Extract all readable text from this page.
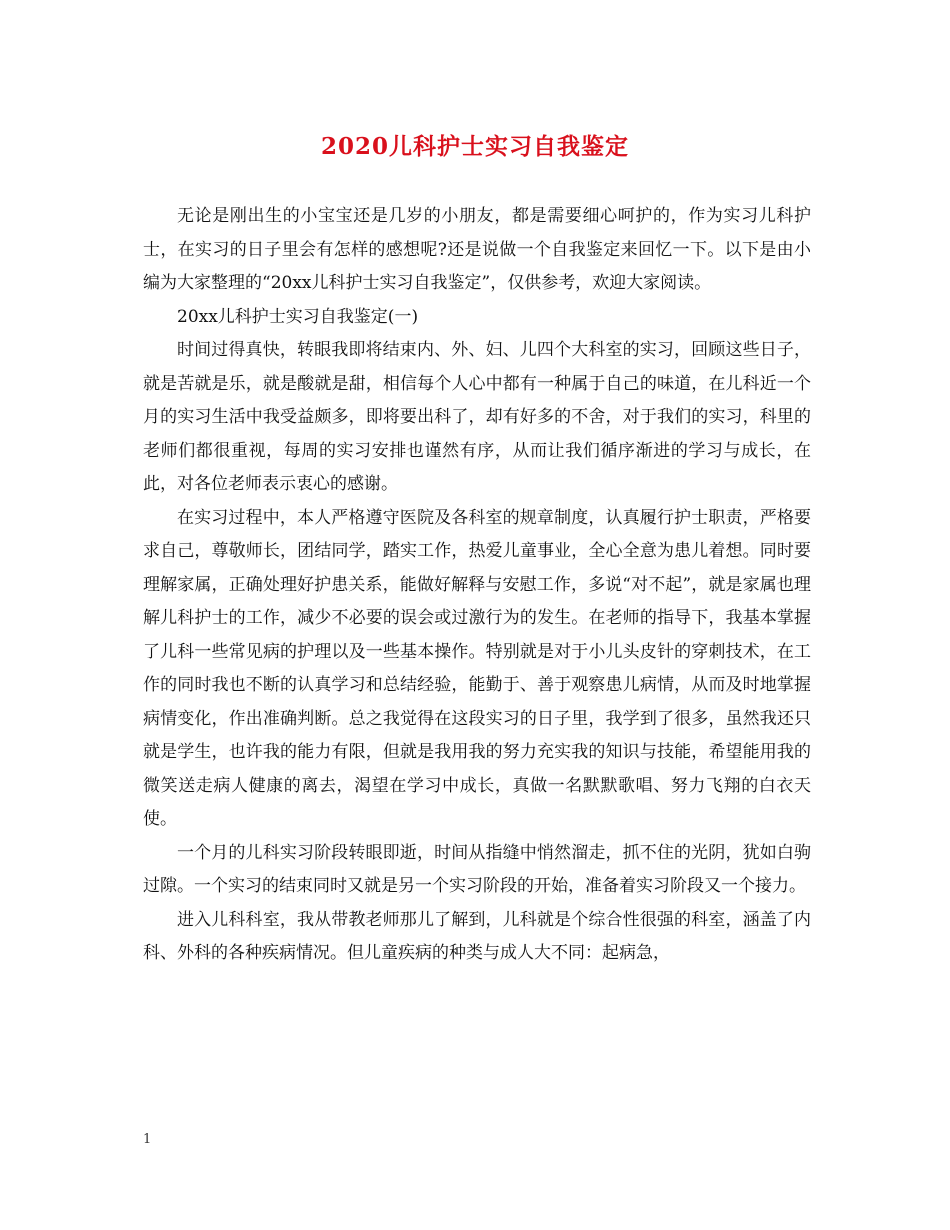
2020儿科护士实习自我鉴定

无论是刚出生的小宝宝还是几岁的小朋友，都是需要细心呵护的，作为实习儿科护士，在实习的日子里会有怎样的感想呢?还是说做一个自我鉴定来回忆一下。以下是由小编为大家整理的“20xx儿科护士实习自我鉴定”，仅供参考，欢迎大家阅读。

20xx儿科护士实习自我鉴定(一)

时间过得真快，转眼我即将结束内、外、妇、儿四个大科室的实习，回顾这些日子，就是苦就是乐，就是酸就是甜，相信每个人心中都有一种属于自己的味道，在儿科近一个月的实习生活中我受益颇多，即将要出科了，却有好多的不舍，对于我们的实习，科里的老师们都很重视，每周的实习安排也谨然有序，从而让我们循序渐进的学习与成长，在此，对各位老师表示衷心的感谢。

在实习过程中，本人严格遵守医院及各科室的规章制度，认真履行护士职责，严格要求自己，尊敬师长，团结同学，踏实工作，热爱儿童事业，全心全意为患儿着想。同时要理解家属，正确处理好护患关系，能做好解释与安慰工作，多说“对不起”，就是家属也理解儿科护士的工作，减少不必要的误会或过激行为的发生。在老师的指导下，我基本掌握了儿科一些常见病的护理以及一些基本操作。特别就是对于小儿头皮针的穿刺技术，在工作的同时我也不断的认真学习和总结经验，能勤于、善于观察患儿病情，从而及时地掌握病情变化，作出准确判断。总之我觉得在这段实习的日子里，我学到了很多，虽然我还只就是学生，也许我的能力有限，但就是我用我的努力充实我的知识与技能，希望能用我的微笑送走病人健康的离去，渴望在学习中成长，真做一名默默歌唱、努力飞翔的白衣天使。

一个月的儿科实习阶段转眼即逝，时间从指缝中悄然溜走，抓不住的光阴，犹如白驹过隙。一个实习的结束同时又就是另一个实习阶段的开始，准备着实习阶段又一个接力。

进入儿科科室，我从带教老师那儿了解到，儿科就是个综合性很强的科室，涵盖了内科、外科的各种疾病情况。但儿童疾病的种类与成人大不同：起病急，

1
